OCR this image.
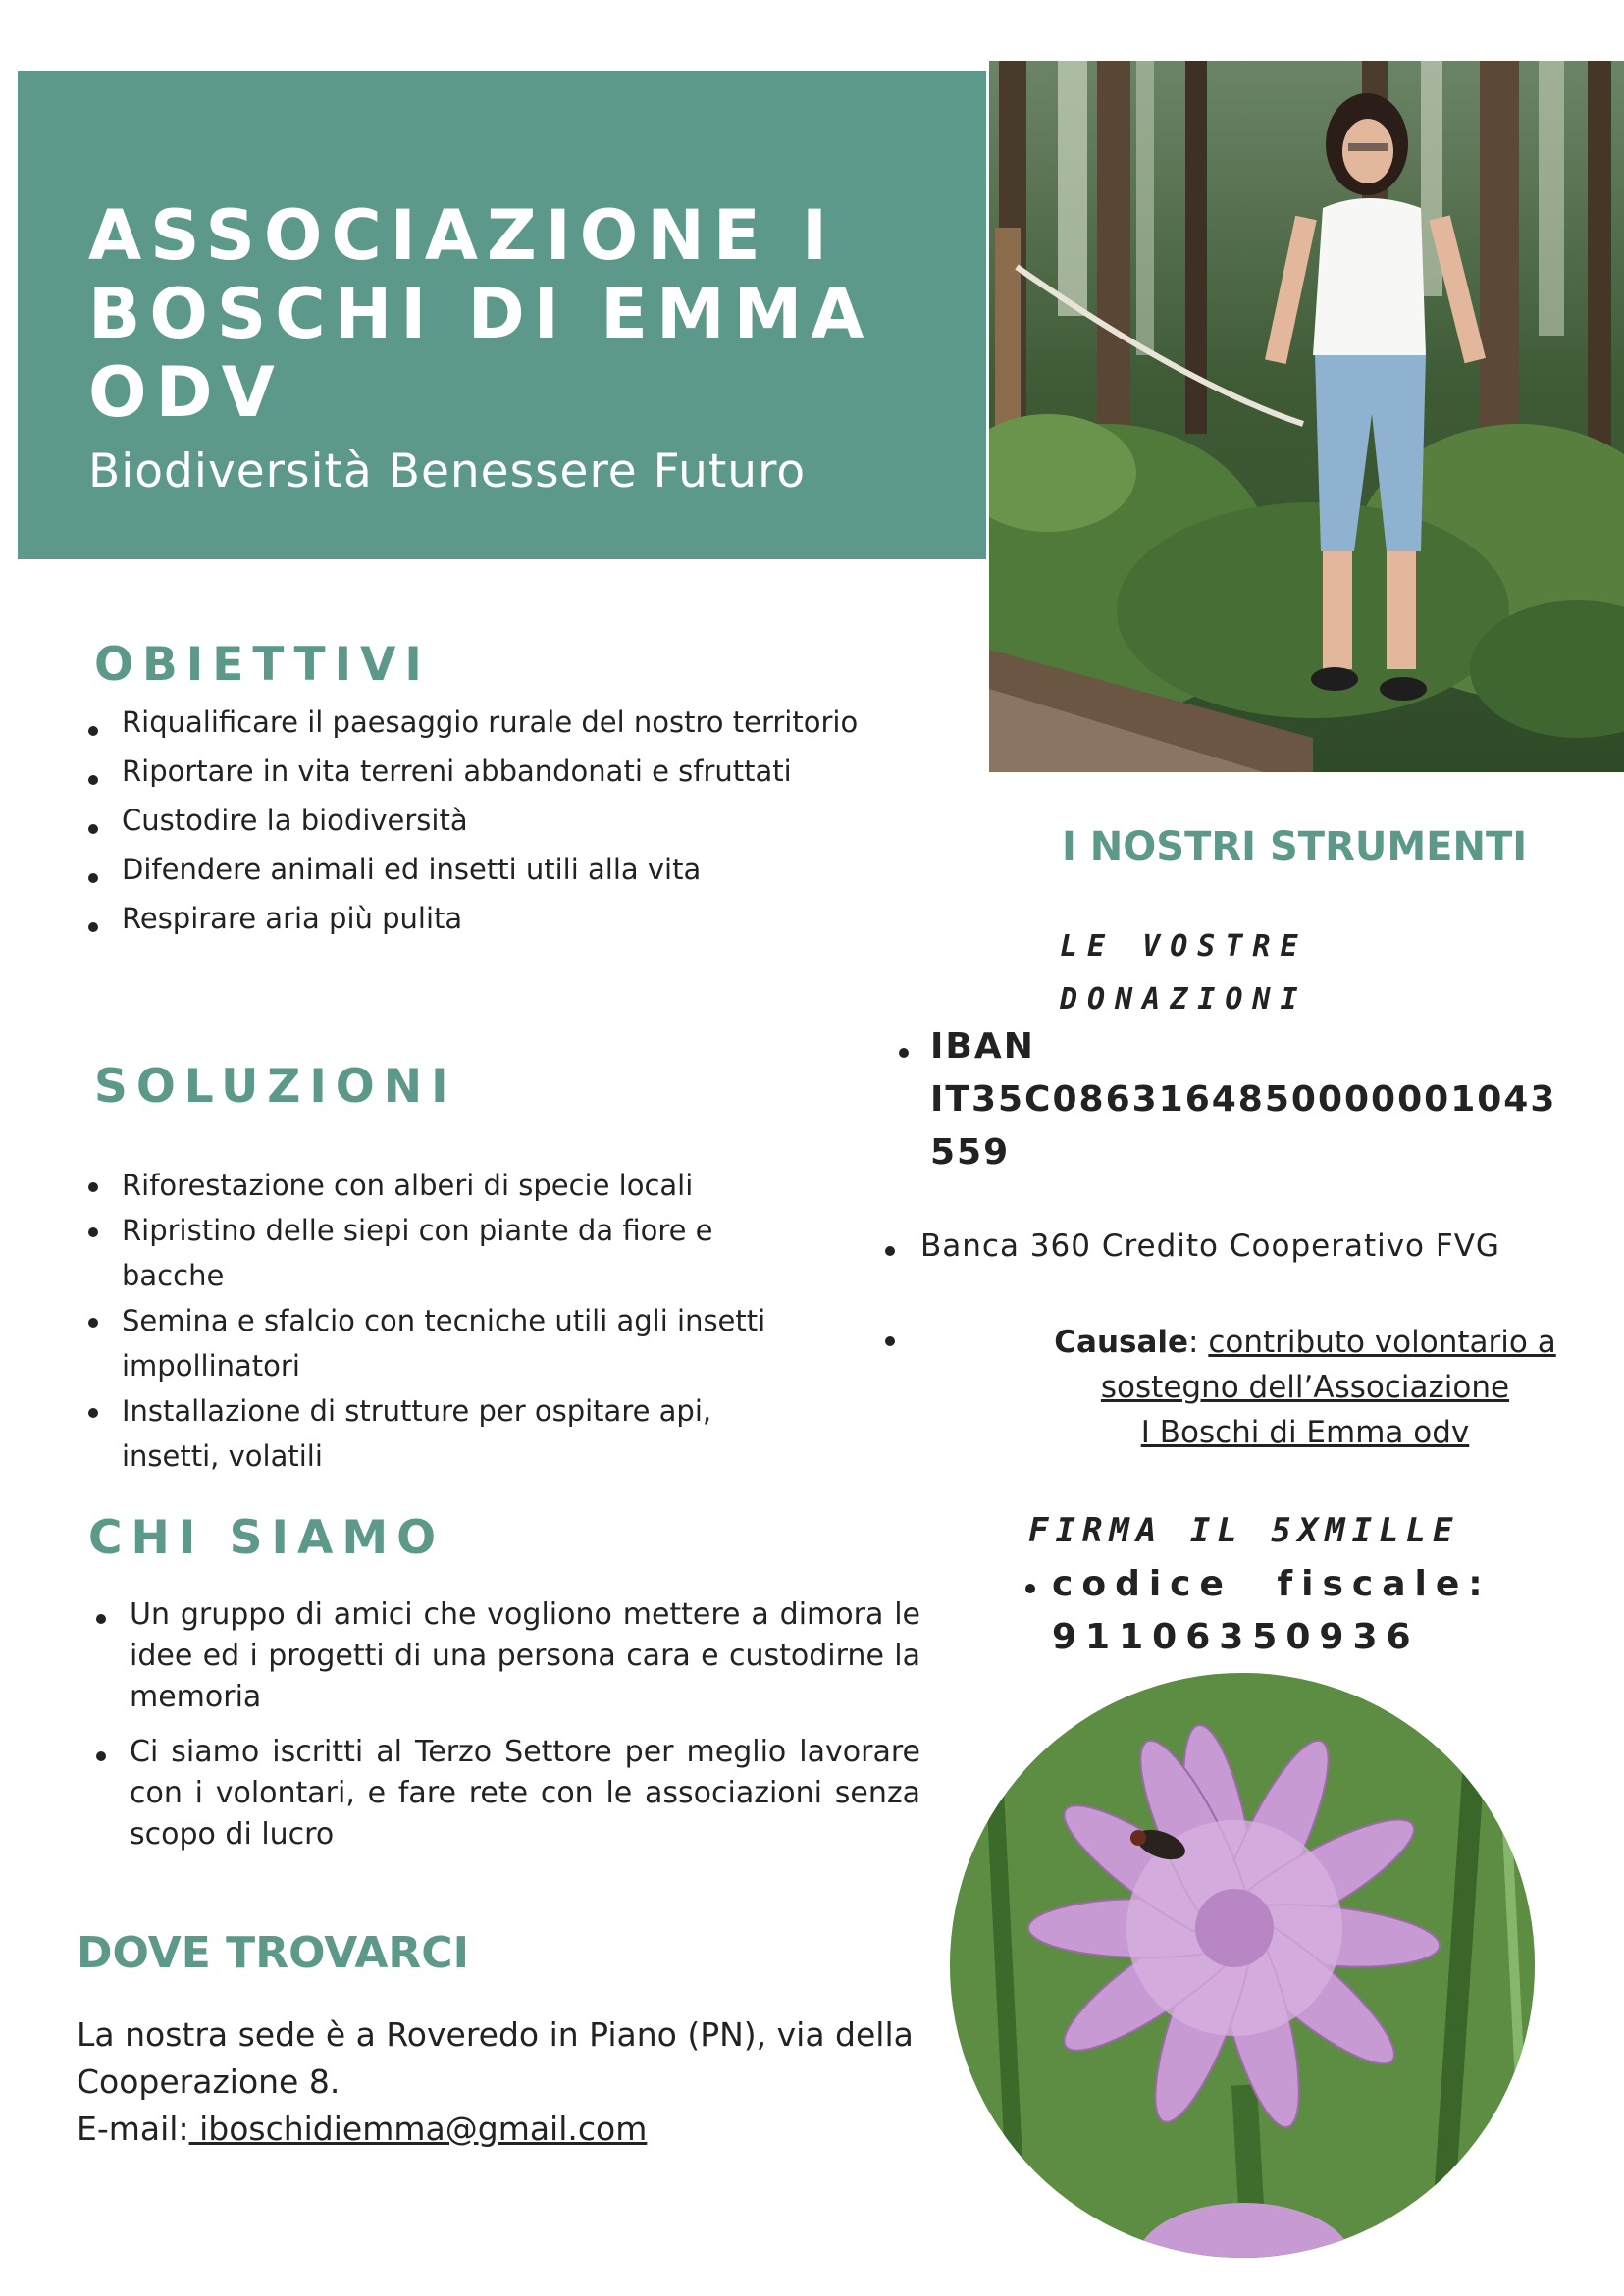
ASSOCIAZIONE I BOSCHI DI EMMA ODV

Biodiversità Benessere Futuro

OBIETTIVI
Riqualificare il paesaggio rurale del nostro territorio
Riportare in vita terreni abbandonati e sfruttati
Custodire la biodiversità
Difendere animali ed insetti utili alla vita
Respirare aria più pulita
SOLUZIONI
Riforestazione con alberi di specie locali
Ripristino delle siepi con piante da fiore e bacche
Semina e sfalcio con tecniche utili agli insetti impollinatori
Installazione di strutture per ospitare api, insetti, volatili
CHI SIAMO
Un gruppo di amici che vogliono mettere a dimora le idee ed i progetti di una persona cara e custodirne la memoria
Ci siamo iscritti al Terzo Settore per meglio lavorare con i volontari, e fare rete con le associazioni senza scopo di lucro
DOVE TROVARCI
La nostra sede è a Roveredo in Piano (PN), via della Cooperazione 8.
E-mail: iboschidiemma@gmail.com
I NOSTRI STRUMENTI
LE VOSTRE DONAZIONI
IBAN
IT35C086316485000000104​3
559
Banca 360 Credito Cooperativo FVG
Causale: contributo volontario a
sostegno dell’Associazione
I Boschi di Emma odv
FIRMA IL 5XMILLE
codice fiscale:
91106350936
